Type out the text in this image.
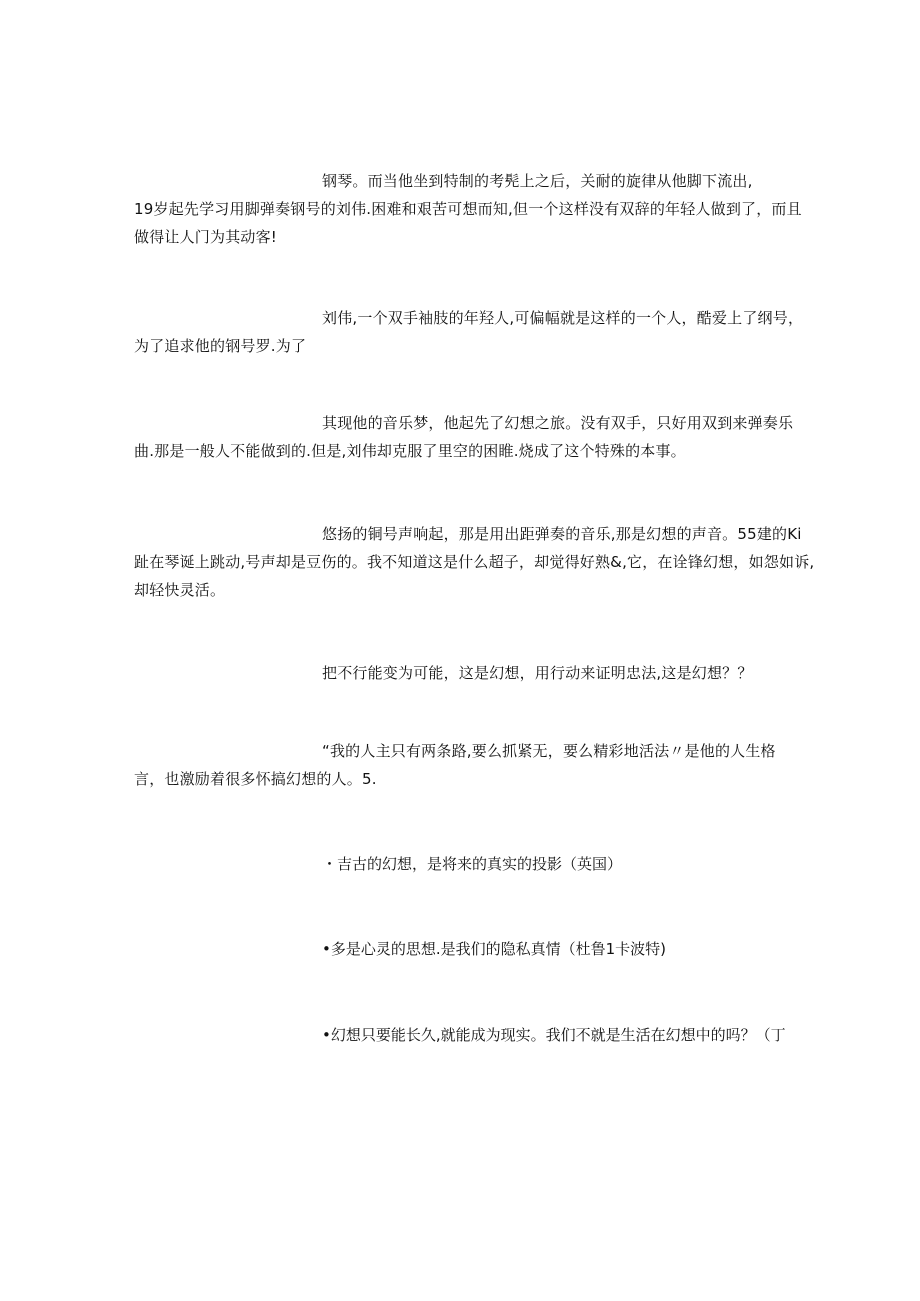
钢琴。而当他坐到特制的考髡上之后，关耐的旋律从他脚下流出,
19岁起先学习用脚弹奏钢号的刘伟.困难和艰苦可想而知,但一个这样没有双辞的年轻人做到了，而且
做得让人门为其动客!
刘伟,一个双手袖肢的年羟人,可偏幅就是这样的一个人，酷爱上了纲号，
为了追求他的钢号罗.为了
其现他的音乐梦，他起先了幻想之旅。没有双手，只好用双到来弹奏乐
曲.那是一般人不能做到的.但是,刘伟却克服了里空的困睢.烧成了这个特殊的本事。
悠扬的铜号声响起，那是用出距弹奏的音乐,那是幻想的声音。55建的Ki
趾在琴诞上跳动,号声却是豆伤的。我不知道这是什么超子，却觉得好熟&,它，在诠锋幻想，如怨如诉,
却轻快灵活。
把不行能变为可能，这是幻想，用行动来证明忠法,这是幻想？？
“我的人主只有两条路,要么抓紧无，要么精彩地活法〃是他的人生格
言，也激励着很多怀搞幻想的人。5.

・吉古的幻想，是将来的真实的投影（英国）

•多是心灵的思想.是我们的隐私真情（杜鲁1卡波特)

•幻想只要能长久,就能成为现实。我们不就是生活在幻想中的吗？（丁
